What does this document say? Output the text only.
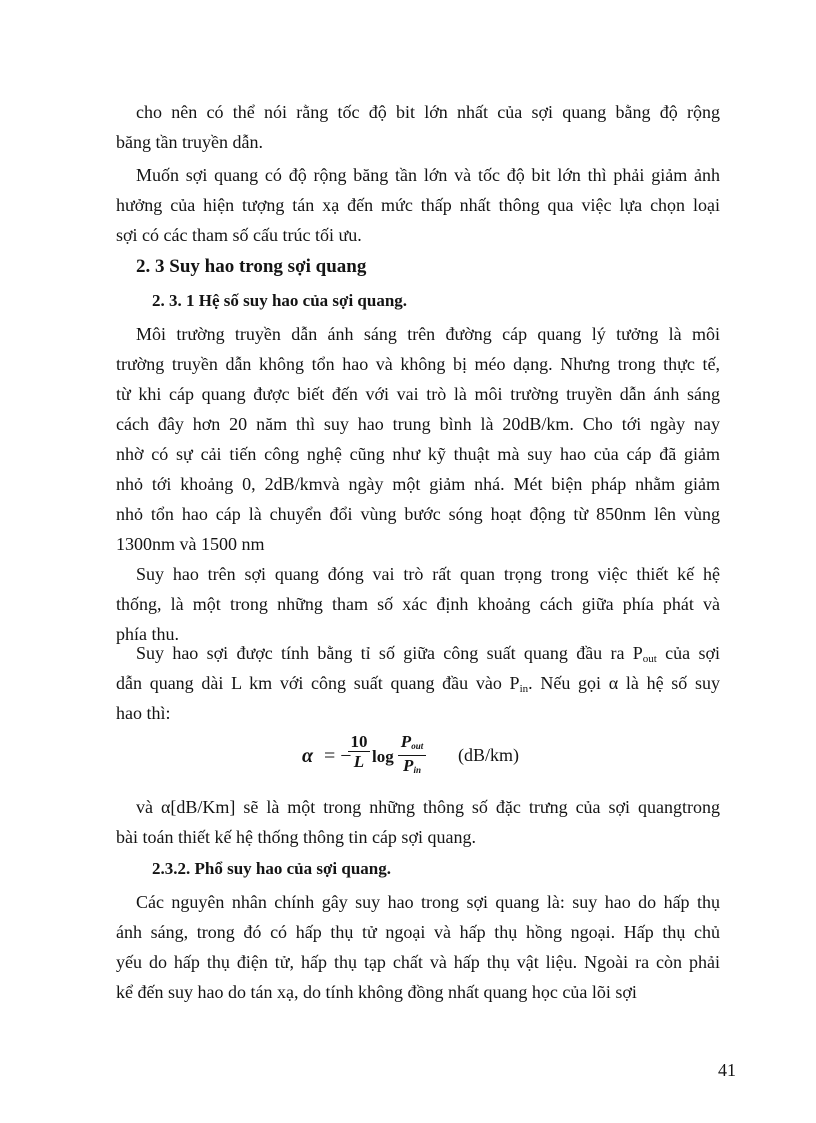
cho nên có thể nói rằng tốc độ bit lớn nhất của sợi quang bằng độ rộng
băng tần truyền dẫn.
Muốn sợi quang có độ rộng băng tần lớn và tốc độ bit lớn thì phải giảm ảnh
hưởng của hiện tượng tán xạ đến mức thấp nhất thông qua việc lựa chọn loại
sợi có các tham số cấu trúc tối ưu.
2. 3 Suy hao trong sợi quang
2. 3. 1 Hệ số suy hao của sợi quang.
Môi trường truyền dẫn ánh sáng trên đường cáp quang lý tưởng là môi
trường truyền dẫn không tổn hao và không bị méo dạng. Nhưng trong thực tế,
từ khi cáp quang được biết đến với vai trò là môi trường truyền dẫn ánh sáng
cách đây hơn 20 năm thì suy hao trung bình là 20dB/km. Cho tới ngày nay
nhờ có sự cải tiến công nghệ cũng như kỹ thuật mà suy hao của cáp đã giảm
nhỏ tới khoảng 0, 2dB/kmvà ngày một giảm nhá. Mét biện pháp nhằm giảm
nhỏ tổn hao cáp là chuyển đổi vùng bước sóng hoạt động từ 850nm lên vùng
1300nm và 1500 nm
Suy hao trên sợi quang đóng vai trò rất quan trọng trong việc thiết kế hệ
thống, là một trong những tham số xác định khoảng cách giữa phía phát và
phía thu.
Suy hao sợi được tính bằng tỉ số giữa công suất quang đầu ra $P_{out}$ của sợi
dẫn quang dài L km với công suất quang đầu vào $P_{in}$. Nếu gọi α là hệ số suy
hao thì:
α = −
$\frac{10}{L}$ log
$P_{out}$
$P_{in}$
(dB/km)
và α[dB/Km] sẽ là một trong những thông số đặc trưng của sợi quangtrong
bài toán thiết kế hệ thống thông tin cáp sợi quang.
2.3.2. Phổ suy hao của sợi quang.
Các nguyên nhân chính gây suy hao trong sợi quang là: suy hao do hấp thụ
ánh sáng, trong đó có hấp thụ tử ngoại và hấp thụ hồng ngoại. Hấp thụ chủ
yếu do hấp thụ điện tử, hấp thụ tạp chất và hấp thụ vật liệu. Ngoài ra còn phải
kể đến suy hao do tán xạ, do tính không đồng nhất quang học của lõi sợi
41
